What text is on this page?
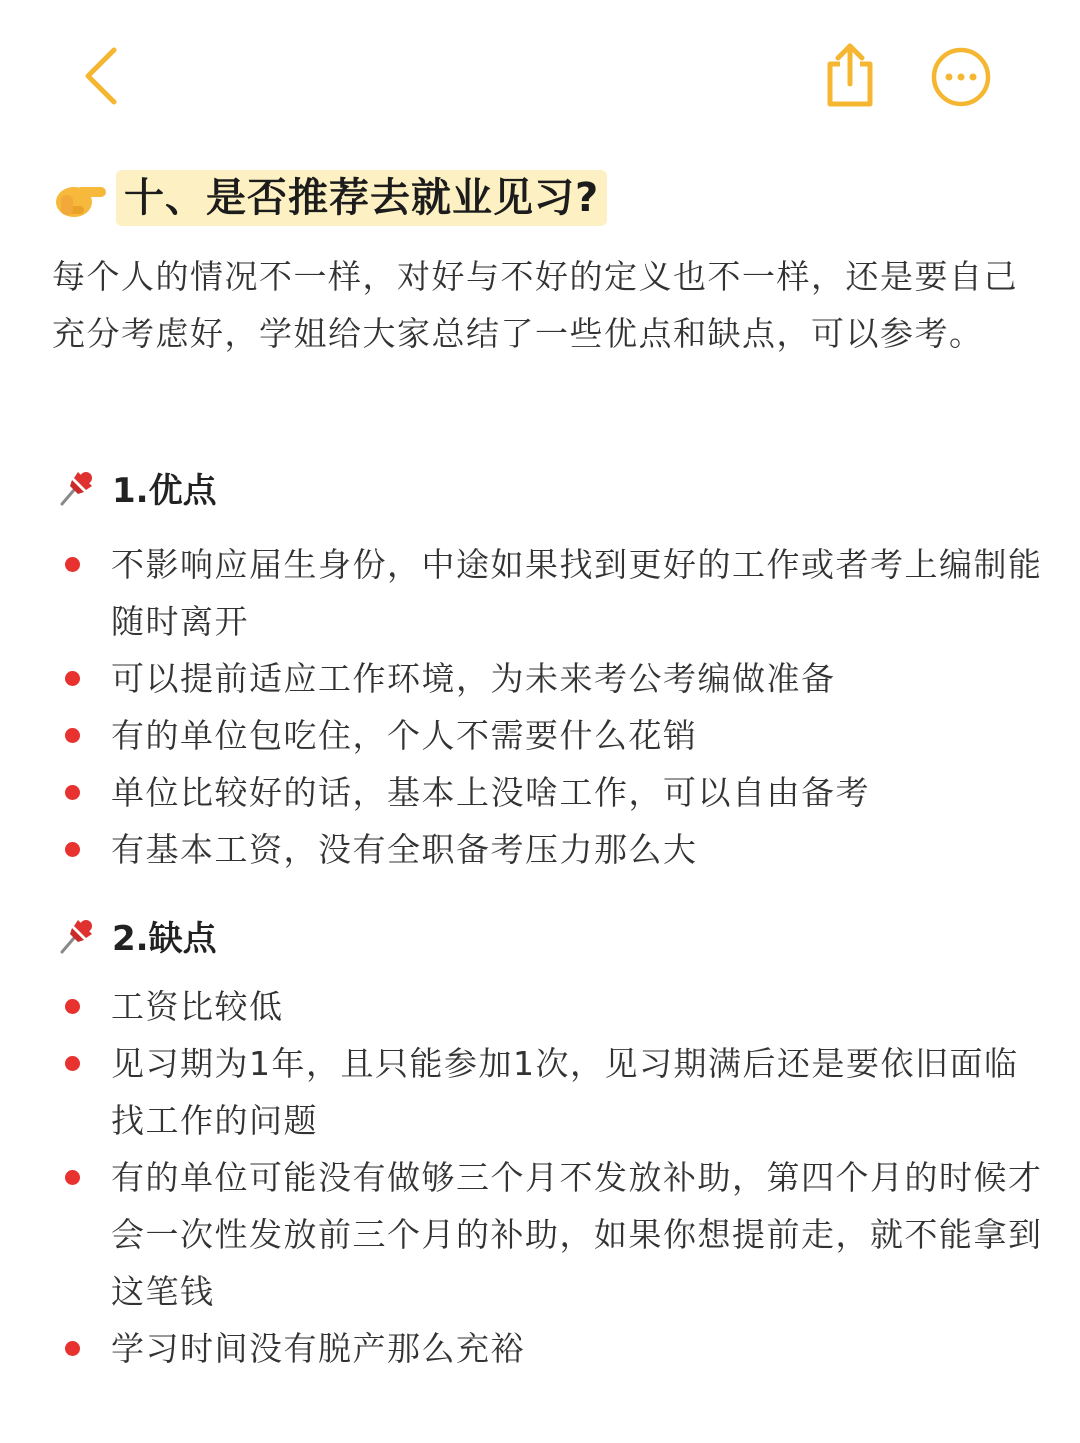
十、是否推荐去就业见习?

每个人的情况不一样，对好与不好的定义也不一样，还是要自己充分考虑好，学姐给大家总结了一些优点和缺点，可以参考。

1.优点
不影响应届生身份，中途如果找到更好的工作或者考上编制能随时离开
可以提前适应工作环境，为未来考公考编做准备
有的单位包吃住，个人不需要什么花销
单位比较好的话，基本上没啥工作，可以自由备考
有基本工资，没有全职备考压力那么大
2.缺点
工资比较低
见习期为1年，且只能参加1次，见习期满后还是要依旧面临找工作的问题
有的单位可能没有做够三个月不发放补助，第四个月的时候才会一次性发放前三个月的补助，如果你想提前走，就不能拿到这笔钱
学习时间没有脱产那么充裕
